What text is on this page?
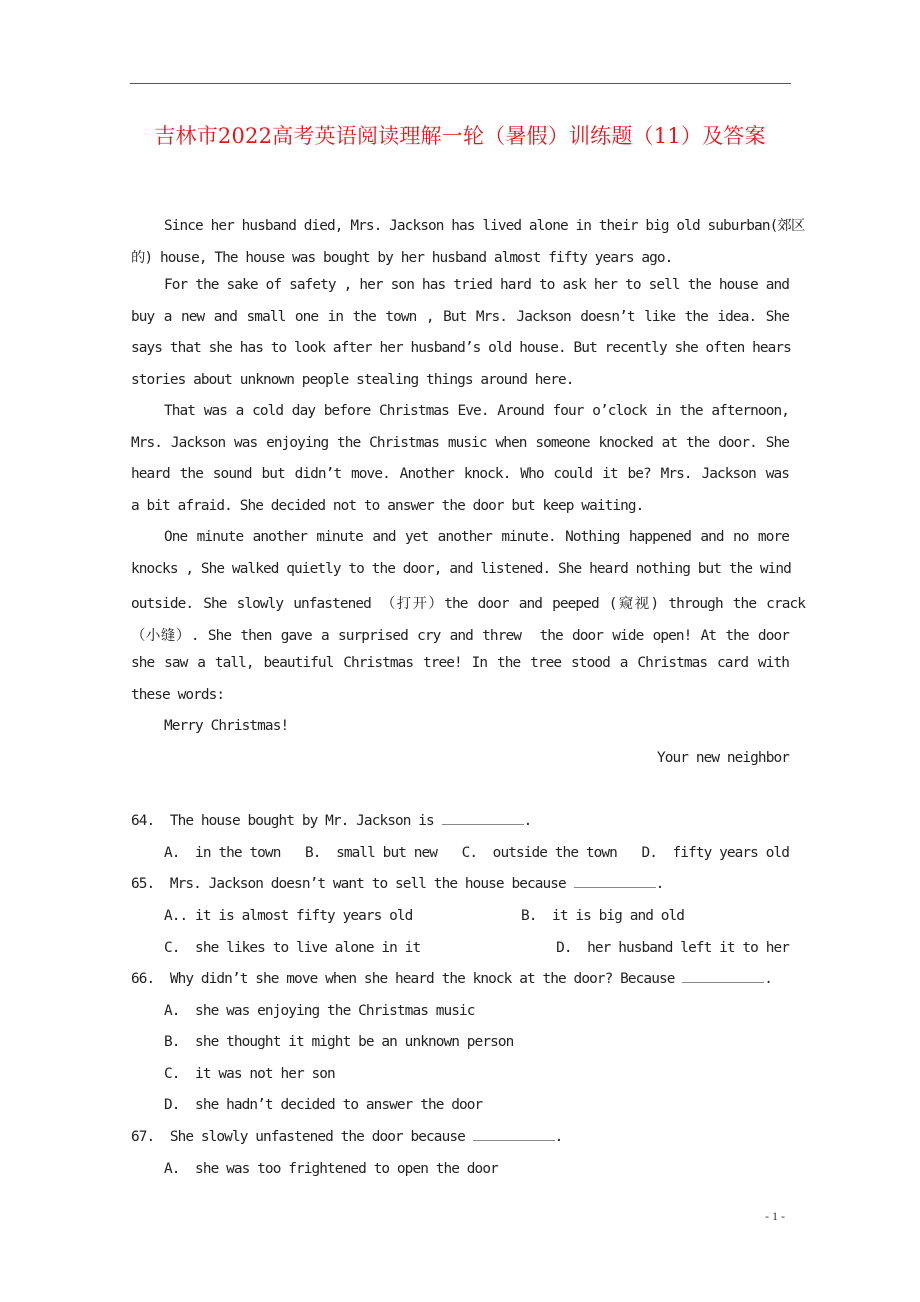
吉林市2022高考英语阅读理解一轮（暑假）训练题（11）及答案
Since her husband died, Mrs. Jackson has lived alone in their big old suburban(郊区
的) house, The house was bought by her husband almost fifty years ago.
For the sake of safety , her son has tried hard to ask her to sell the house and
buy a new and small one in the town , But Mrs. Jackson doesn’t like the idea. She
says that she has to look after her husband’s old house. But recently she often hears
stories about unknown people stealing things around here.
That was a cold day before Christmas Eve. Around four o’clock in the afternoon,
Mrs. Jackson was enjoying the Christmas music when someone knocked at the door. She
heard the sound but didn’t move. Another knock. Who could it be? Mrs. Jackson was
a bit afraid. She decided not to answer the door but keep waiting.
One minute another minute and yet another minute. Nothing happened and no more
knocks , She walked quietly to the door, and listened. She heard nothing but the wind
outside. She slowly unfastened （打开）the door and peeped (窥视) through the crack
（小缝）. She then gave a surprised cry and threw  the door wide open! At the door
she saw a tall, beautiful Christmas tree! In the tree stood a Christmas card with
these words:
Merry Christmas!
Your new neighbor
64. The house bought by Mr. Jackson is	.
A.  in the town B.  small but new C.  outside the town D.  fifty years old
65. Mrs. Jackson doesn’t want to sell the house because	.
A.. it is almost fifty years old	B.  it is big and old
C.  she likes to live alone in it	D.  her husband left it to her
66. Why didn’t she move when she heard the knock at the door? Because	.
A.  she was enjoying the Christmas music
B.  she thought it might be an unknown person
C.  it was not her son
D.  she hadn’t decided to answer the door
67. She slowly unfastened the door because	.
A.  she was too frightened to open the door
- 1 -
